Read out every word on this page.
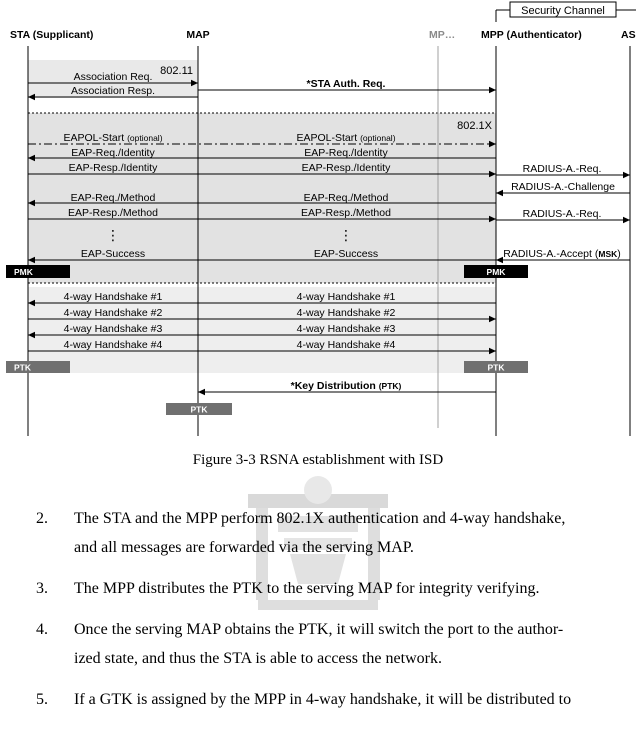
Security Channel
STA (Supplicant)	MAP	MP… MPP (Authenticator)	AS
802.11
802.1X
Association Req.
Association Resp.
*STA Auth. Req.
EAPOL-Start (optional)	EAPOL-Start (optional)
EAP-Req./Identity	EAP-Req./Identity
EAP-Resp./Identity	EAP-Resp./Identity	RADIUS-A.-Req.
RADIUS-A.-Challenge
EAP-Req./Method	EAP-Req./Method
EAP-Resp./Method	EAP-Resp./Method	RADIUS-A.-Req.
⋮	⋮
EAP-Success	EAP-Success	RADIUS-A.-Accept (MSK)
PMK	PMK
4-way Handshake #1	4-way Handshake #1
4-way Handshake #2	4-way Handshake #2
4-way Handshake #3	4-way Handshake #3
4-way Handshake #4	4-way Handshake #4
PTK	PTK
*Key Distribution (PTK)
PTK
Figure 3-3 RSNA establishment with ISD
2.	The STA and the MPP perform 802.1X authentication and 4-way handshake,
and all messages are forwarded via the serving MAP.
3.	The MPP distributes the PTK to the serving MAP for integrity verifying.
4.	Once the serving MAP obtains the PTK, it will switch the port to the author-
ized state, and thus the STA is able to access the network.
5.	If a GTK is assigned by the MPP in 4-way handshake, it will be distributed to
